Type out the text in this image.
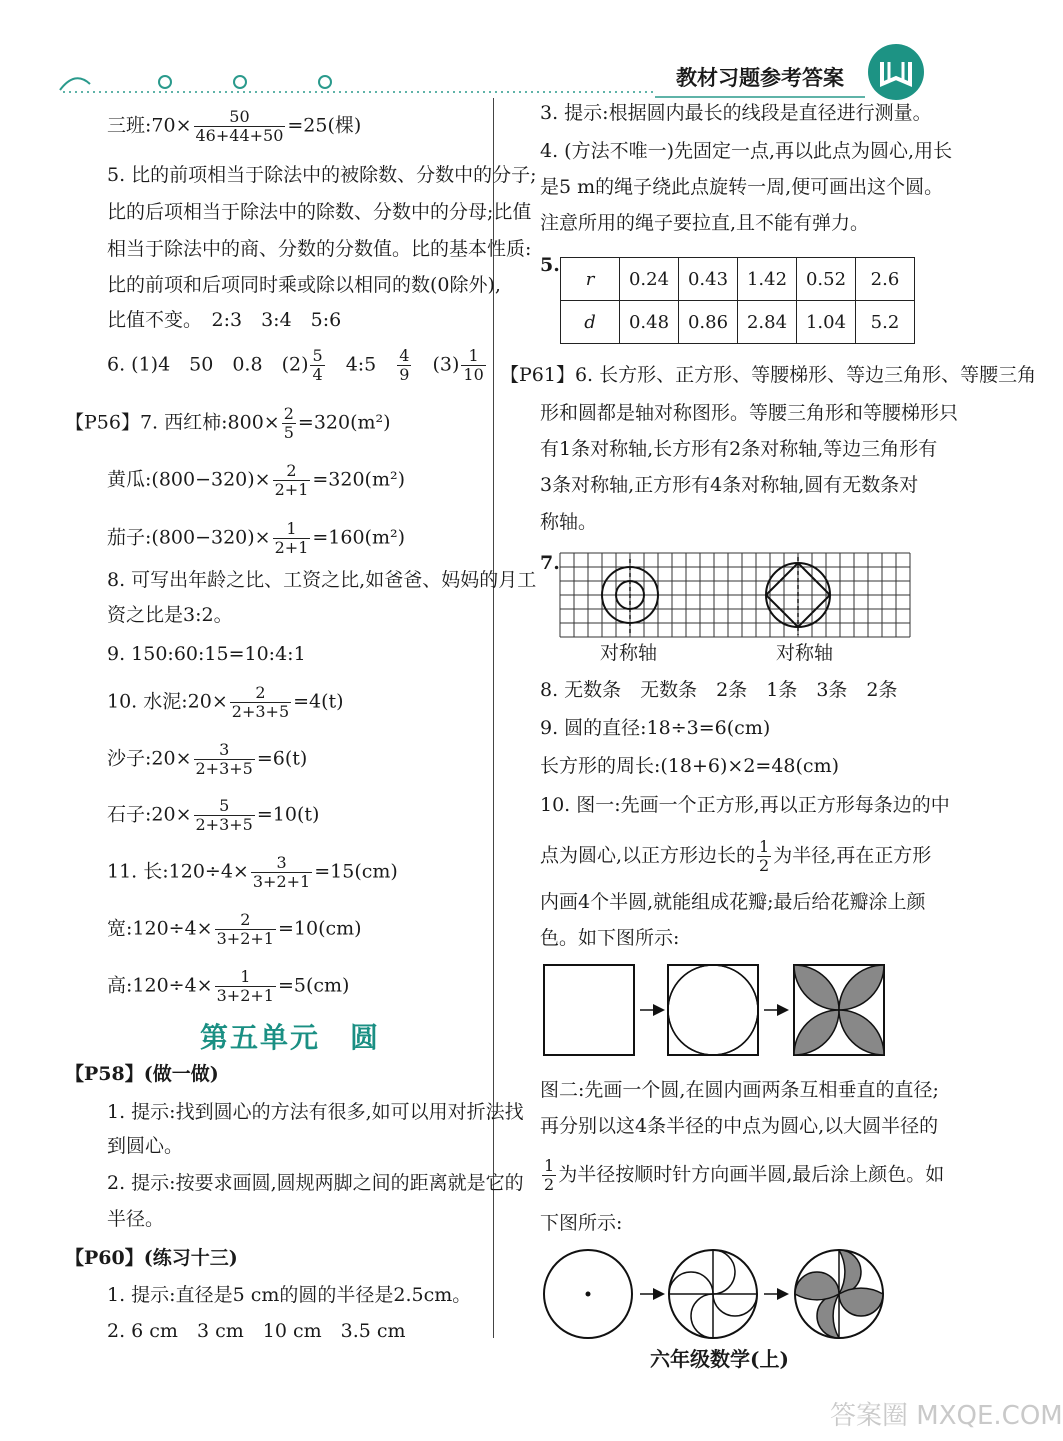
教材习题参考答案
三班:70× $\frac{50}{46+44+50} =25$(棵)
5. 比的前项相当于除法中的被除数、分数中的分子;
比的后项相当于除法中的除数、分数中的分母;比值
相当于除法中的商、分数的分数值。比的基本性质:
比的前项和后项同时乘或除以相同的数(0除外),
比值不变。　2:3　3:4　5:6
6. (1)4　50　0.8　$(2) \frac{5}{4}$
　 4:5　 $\frac{4}{9}$
　 $(3) \frac{1}{10}$
【P56】7. 西红柿:800× $\frac{2}{5} =320(m^2)$
黄瓜:(800−320)× $\frac{2}{2+1} =320(m^2)$
茄子:(800−320)× $\frac{1}{2+1} =160(m^2)$
8. 可写出年龄之比、工资之比,如爸爸、妈妈的月工
资之比是3:2。
9. 150:60:15=10:4:1
10. 水泥:20× $\frac{2}{2+3+5} =4(t)$
沙子:20× $\frac{3}{2+3+5} =6(t)$
石子:20× $\frac{5}{2+3+5} =10(t)$
11. 长:120÷4× $\frac{3}{3+2+1} =15(cm)$
宽:120÷4× $\frac{2}{3+2+1} =10(cm)$
高:120÷4× $\frac{1}{3+2+1} =5(cm)$
第五单元　圆
【P58】(做一做)
1. 提示:找到圆心的方法有很多,如可以用对折法找
到圆心。
2. 提示:按要求画圆,圆规两脚之间的距离就是它的
半径。
【P60】(练习十三)
1. 提示:直径是5 cm的圆的半径是2.5cm。
2. 6 cm　3 cm　10 cm　3.5 cm
3. 提示:根据圆内最长的线段是直径进行测量。
4. (方法不唯一)先固定一点,再以此点为圆心,用长
是5 m的绳子绕此点旋转一周,便可画出这个圆。
注意所用的绳子要拉直,且不能有弹力。
5.
r	0.24	0.43	1.42	0.52	2.6
d	0.48	0.86	2.84	1.04	5.2
【P61】6. 长方形、正方形、等腰梯形、等边三角形、等腰三角
形和圆都是轴对称图形。等腰三角形和等腰梯形只
有1条对称轴,长方形有2条对称轴,等边三角形有
3条对称轴,正方形有4条对称轴,圆有无数条对
称轴。
7.
对称轴	对称轴
8. 无数条　无数条　2条　1条　3条　2条
9. 圆的直径:18÷3=6(cm)
长方形的周长:(18+6)×2=48(cm)
10. 图一:先画一个正方形,再以正方形每条边的中
点为圆心,以正方形边长的 $\frac{1}{2}$ 为半径,再在正方形
内画4个半圆,就能组成花瓣;最后给花瓣涂上颜
色。如下图所示:
图二:先画一个圆,在圆内画两条互相垂直的直径;
再分别以这4条半径的中点为圆心,以大圆半径的
$\frac{1}{2}$ 为半径按顺时针方向画半圆,最后涂上颜色。如
下图所示:
六年级数学(上)
答案圈 MXQE.COM
